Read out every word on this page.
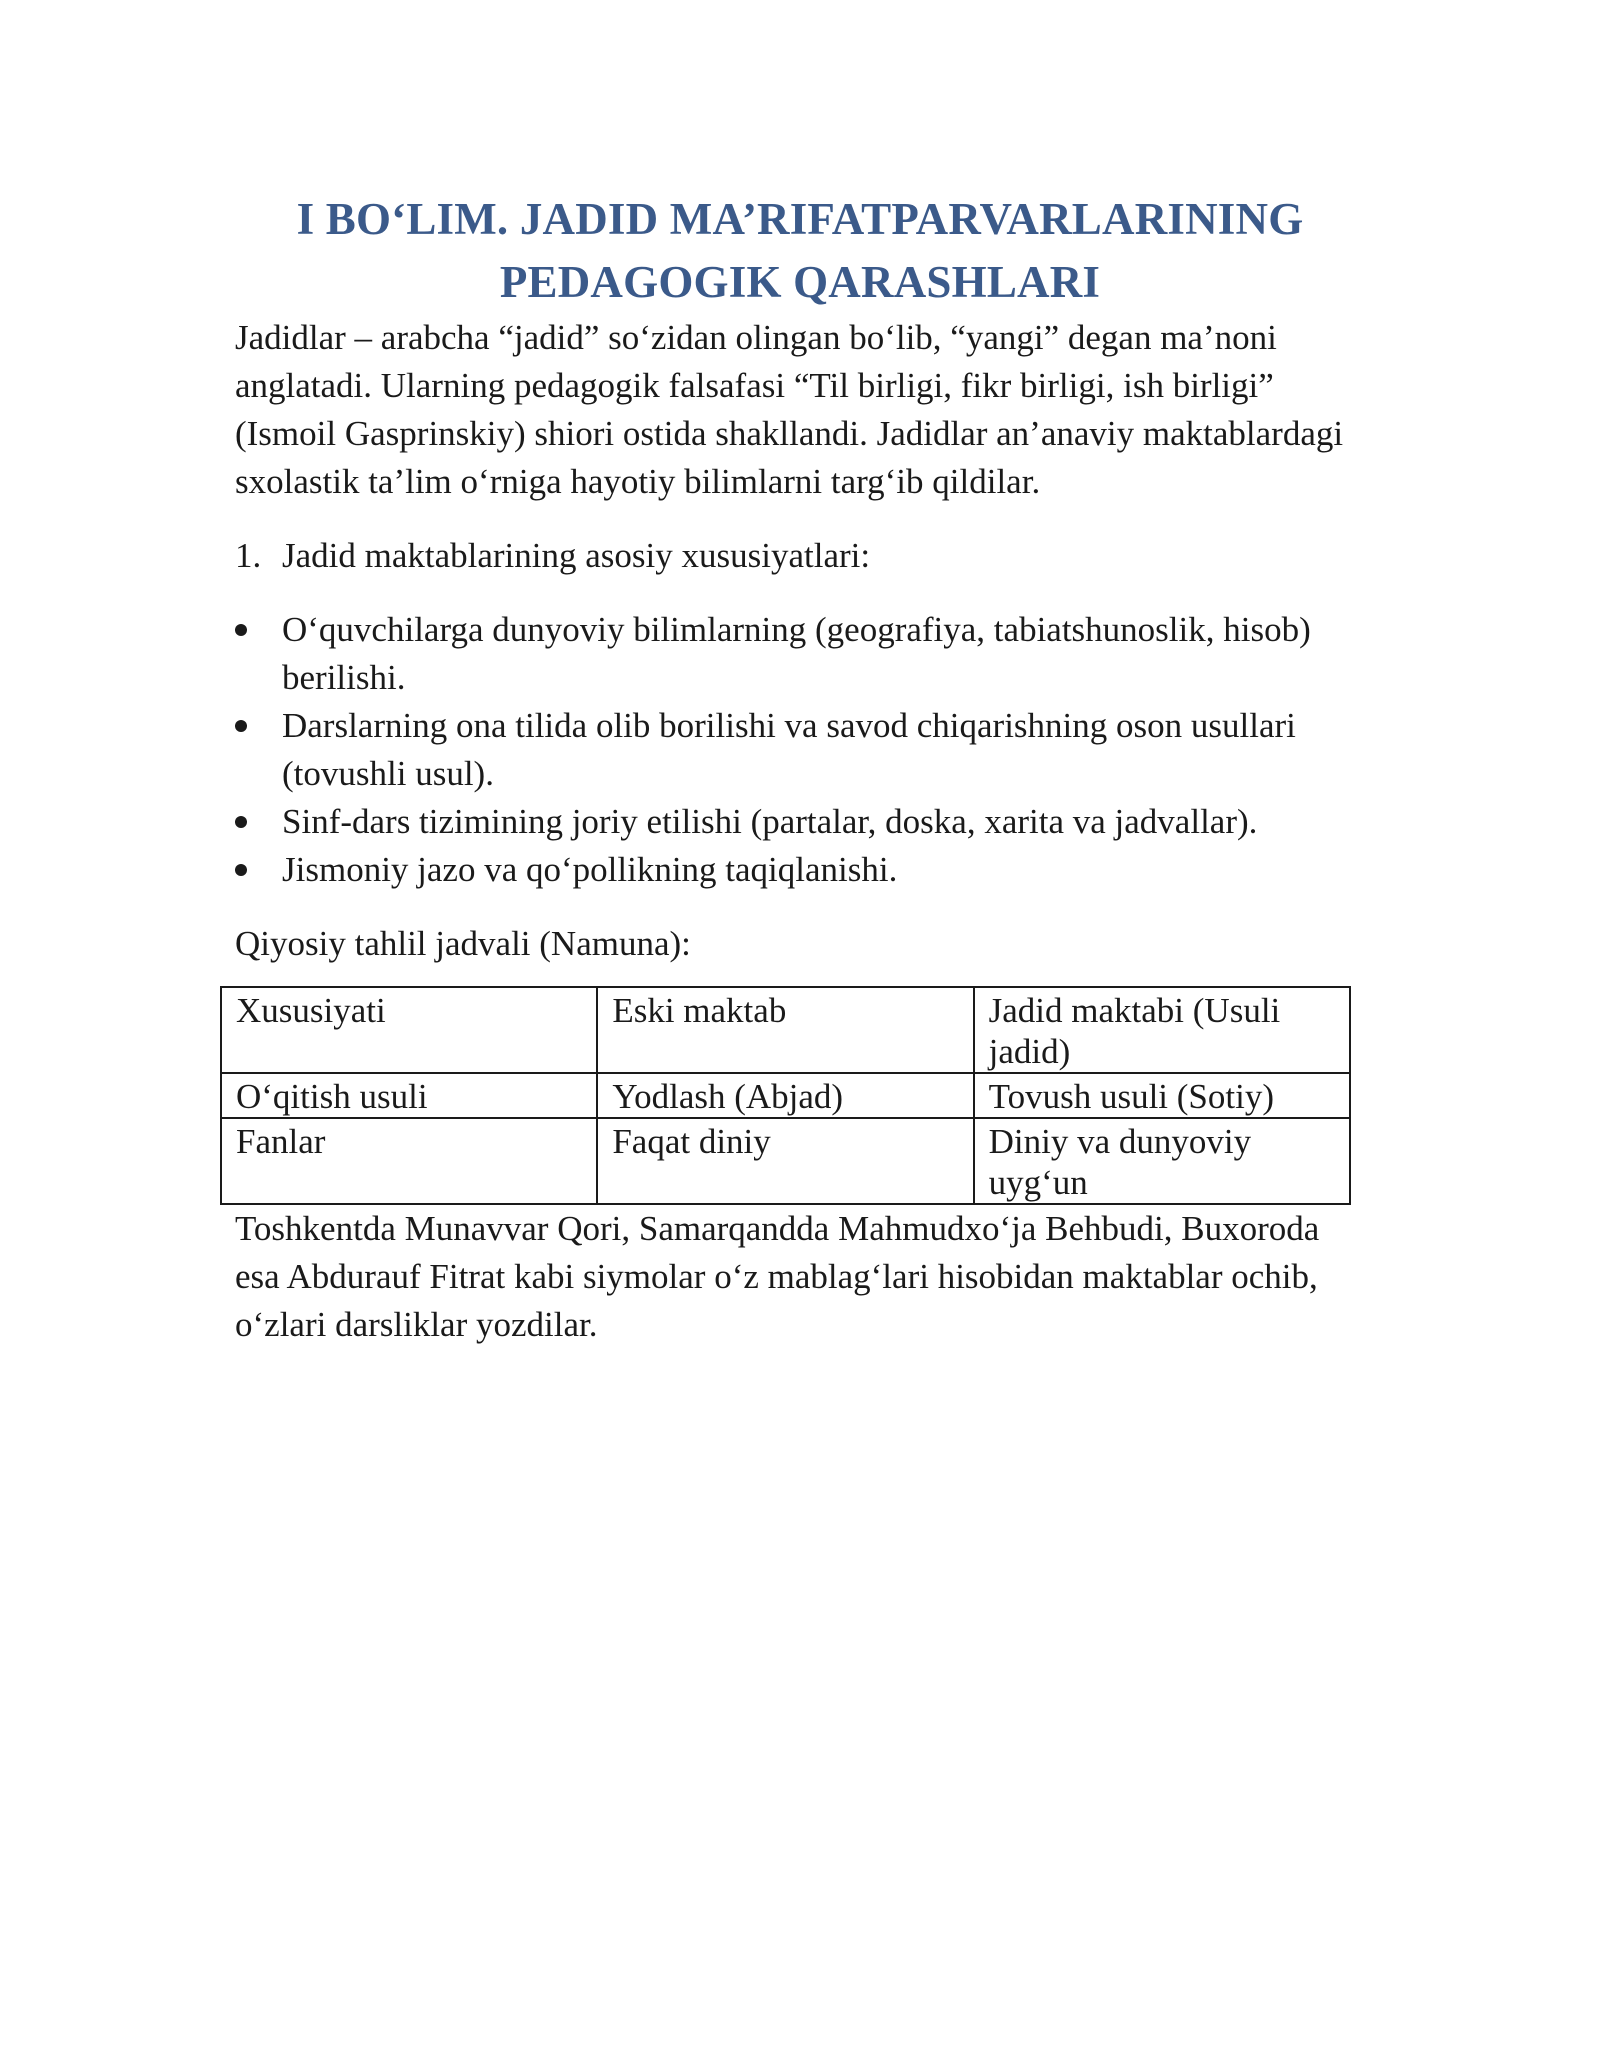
I BO‘LIM. JADID MA’RIFATPARVARLARINING
PEDAGOGIK QARASHLARI

Jadidlar – arabcha “jadid” so‘zidan olingan bo‘lib, “yangi” degan ma’noni anglatadi. Ularning pedagogik falsafasi “Til birligi, fikr birligi, ish birligi” (Ismoil Gasprinskiy) shiori ostida shakllandi. Jadidlar an’anaviy maktablardagi sxolastik ta’lim o‘rniga hayotiy bilimlarni targ‘ib qildilar.

1. Jadid maktablarining asosiy xususiyatlari:
O‘quvchilarga dunyoviy bilimlarning (geografiya, tabiatshunoslik, hisob) berilishi.
Darslarning ona tilida olib borilishi va savod chiqarishning oson usullari (tovushli usul).
Sinf-dars tizimining joriy etilishi (partalar, doska, xarita va jadvallar).
Jismoniy jazo va qo‘pollikning taqiqlanishi.

Qiyosiy tahlil jadvali (Namuna):

Xususiyati	Eski maktab	Jadid maktabi (Usuli jadid)
O‘qitish usuli	Yodlash (Abjad)	Tovush usuli (Sotiy)
Fanlar	Faqat diniy	Diniy va dunyoviy uyg‘un

Toshkentda Munavvar Qori, Samarqandda Mahmudxo‘ja Behbudi, Buxoroda esa Abdurauf Fitrat kabi siymolar o‘z mablag‘lari hisobidan maktablar ochib, o‘zlari darsliklar yozdilar.
